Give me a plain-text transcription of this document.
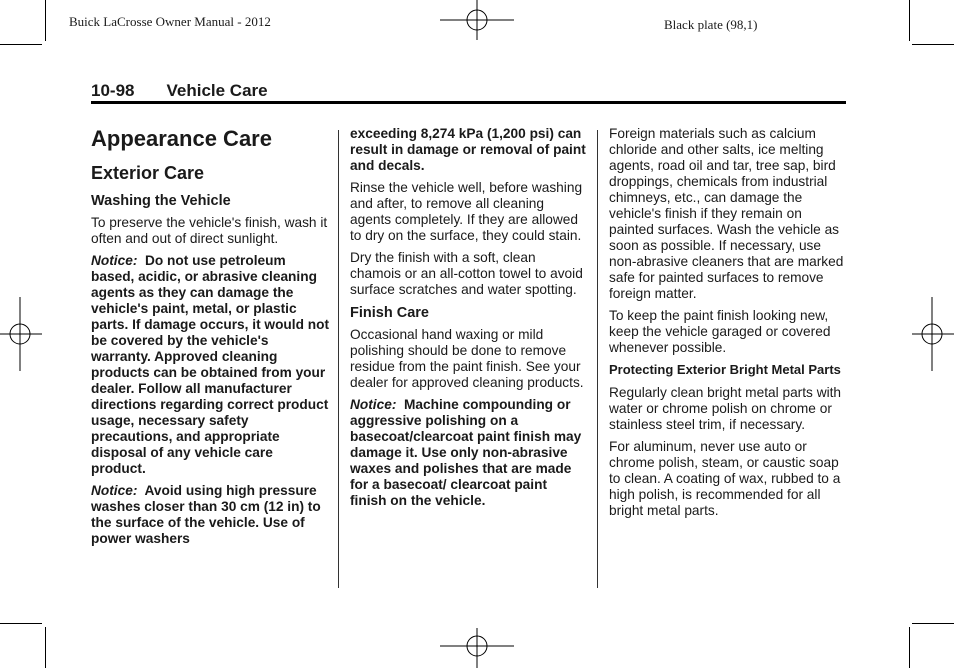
Buick LaCrosse Owner Manual - 2012	Black plate (98,1)
10-98 Vehicle Care
Appearance Care
Exterior Care
Washing the Vehicle

To preserve the vehicle's finish, wash it often and out of direct sunlight.

Notice: Do not use petroleum based, acidic, or abrasive cleaning agents as they can damage the vehicle's paint, metal, or plastic parts. If damage occurs, it would not be covered by the vehicle's warranty. Approved cleaning products can be obtained from your dealer. Follow all manufacturer directions regarding correct product usage, necessary safety precautions, and appropriate disposal of any vehicle care product.

Notice: Avoid using high pressure washes closer than 30 cm (12 in) to the surface of the vehicle. Use of power washers

exceeding 8,274 kPa (1,200 psi) can result in damage or removal of paint and decals.

Rinse the vehicle well, before washing and after, to remove all cleaning agents completely. If they are allowed to dry on the surface, they could stain.

Dry the finish with a soft, clean chamois or an all-cotton towel to avoid surface scratches and water spotting.

Finish Care

Occasional hand waxing or mild polishing should be done to remove residue from the paint finish. See your dealer for approved cleaning products.

Notice: Machine compounding or aggressive polishing on a basecoat/clearcoat paint finish may damage it. Use only non-abrasive waxes and polishes that are made for a basecoat/ clearcoat paint finish on the vehicle.

Foreign materials such as calcium chloride and other salts, ice melting agents, road oil and tar, tree sap, bird droppings, chemicals from industrial chimneys, etc., can damage the vehicle's finish if they remain on painted surfaces. Wash the vehicle as soon as possible. If necessary, use non-abrasive cleaners that are marked safe for painted surfaces to remove foreign matter.

To keep the paint finish looking new, keep the vehicle garaged or covered whenever possible.

Protecting Exterior Bright Metal Parts

Regularly clean bright metal parts with water or chrome polish on chrome or stainless steel trim, if necessary.

For aluminum, never use auto or chrome polish, steam, or caustic soap to clean. A coating of wax, rubbed to a high polish, is recommended for all bright metal parts.
